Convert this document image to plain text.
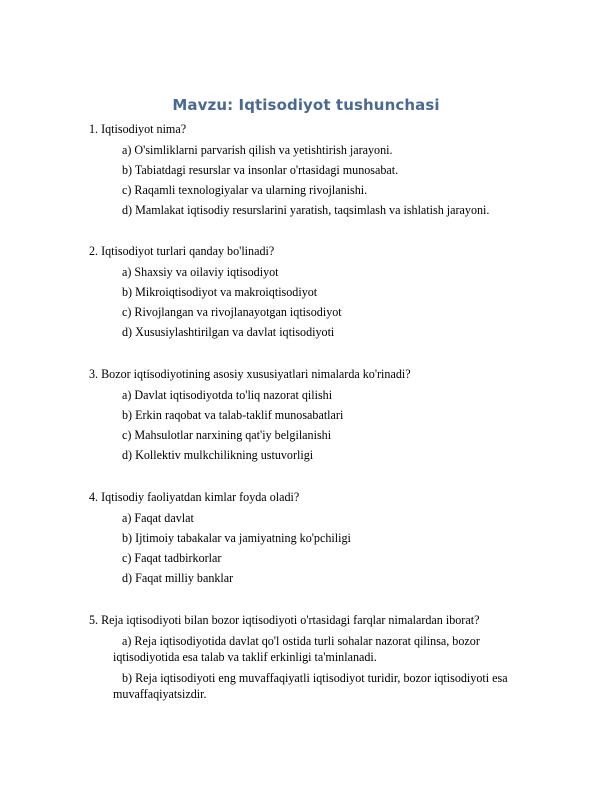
Mavzu: Iqtisodiyot tushunchasi
1. Iqtisodiyot nima?
a) O'simliklarni parvarish qilish va yetishtirish jarayoni.
b) Tabiatdagi resurslar va insonlar o'rtasidagi munosabat.
c) Raqamli texnologiyalar va ularning rivojlanishi.
d) Mamlakat iqtisodiy resurslarini yaratish, taqsimlash va ishlatish jarayoni.
2. Iqtisodiyot turlari qanday bo'linadi?
a) Shaxsiy va oilaviy iqtisodiyot
b) Mikroiqtisodiyot va makroiqtisodiyot
c) Rivojlangan va rivojlanayotgan iqtisodiyot
d) Xususiylashtirilgan va davlat iqtisodiyoti
3. Bozor iqtisodiyotining asosiy xususiyatlari nimalarda ko'rinadi?
a) Davlat iqtisodiyotda to'liq nazorat qilishi
b) Erkin raqobat va talab-taklif munosabatlari
c) Mahsulotlar narxining qat'iy belgilanishi
d) Kollektiv mulkchilikning ustuvorligi
4. Iqtisodiy faoliyatdan kimlar foyda oladi?
a) Faqat davlat
b) Ijtimoiy tabakalar va jamiyatning ko'pchiligi
c) Faqat tadbirkorlar
d) Faqat milliy banklar
5. Reja iqtisodiyoti bilan bozor iqtisodiyoti o'rtasidagi farqlar nimalardan iborat?
a) Reja iqtisodiyotida davlat qo'l ostida turli sohalar nazorat qilinsa, bozor iqtisodiyotida esa talab va taklif erkinligi ta'minlanadi.
b) Reja iqtisodiyoti eng muvaffaqiyatli iqtisodiyot turidir, bozor iqtisodiyoti esa muvaffaqiyatsizdir.
